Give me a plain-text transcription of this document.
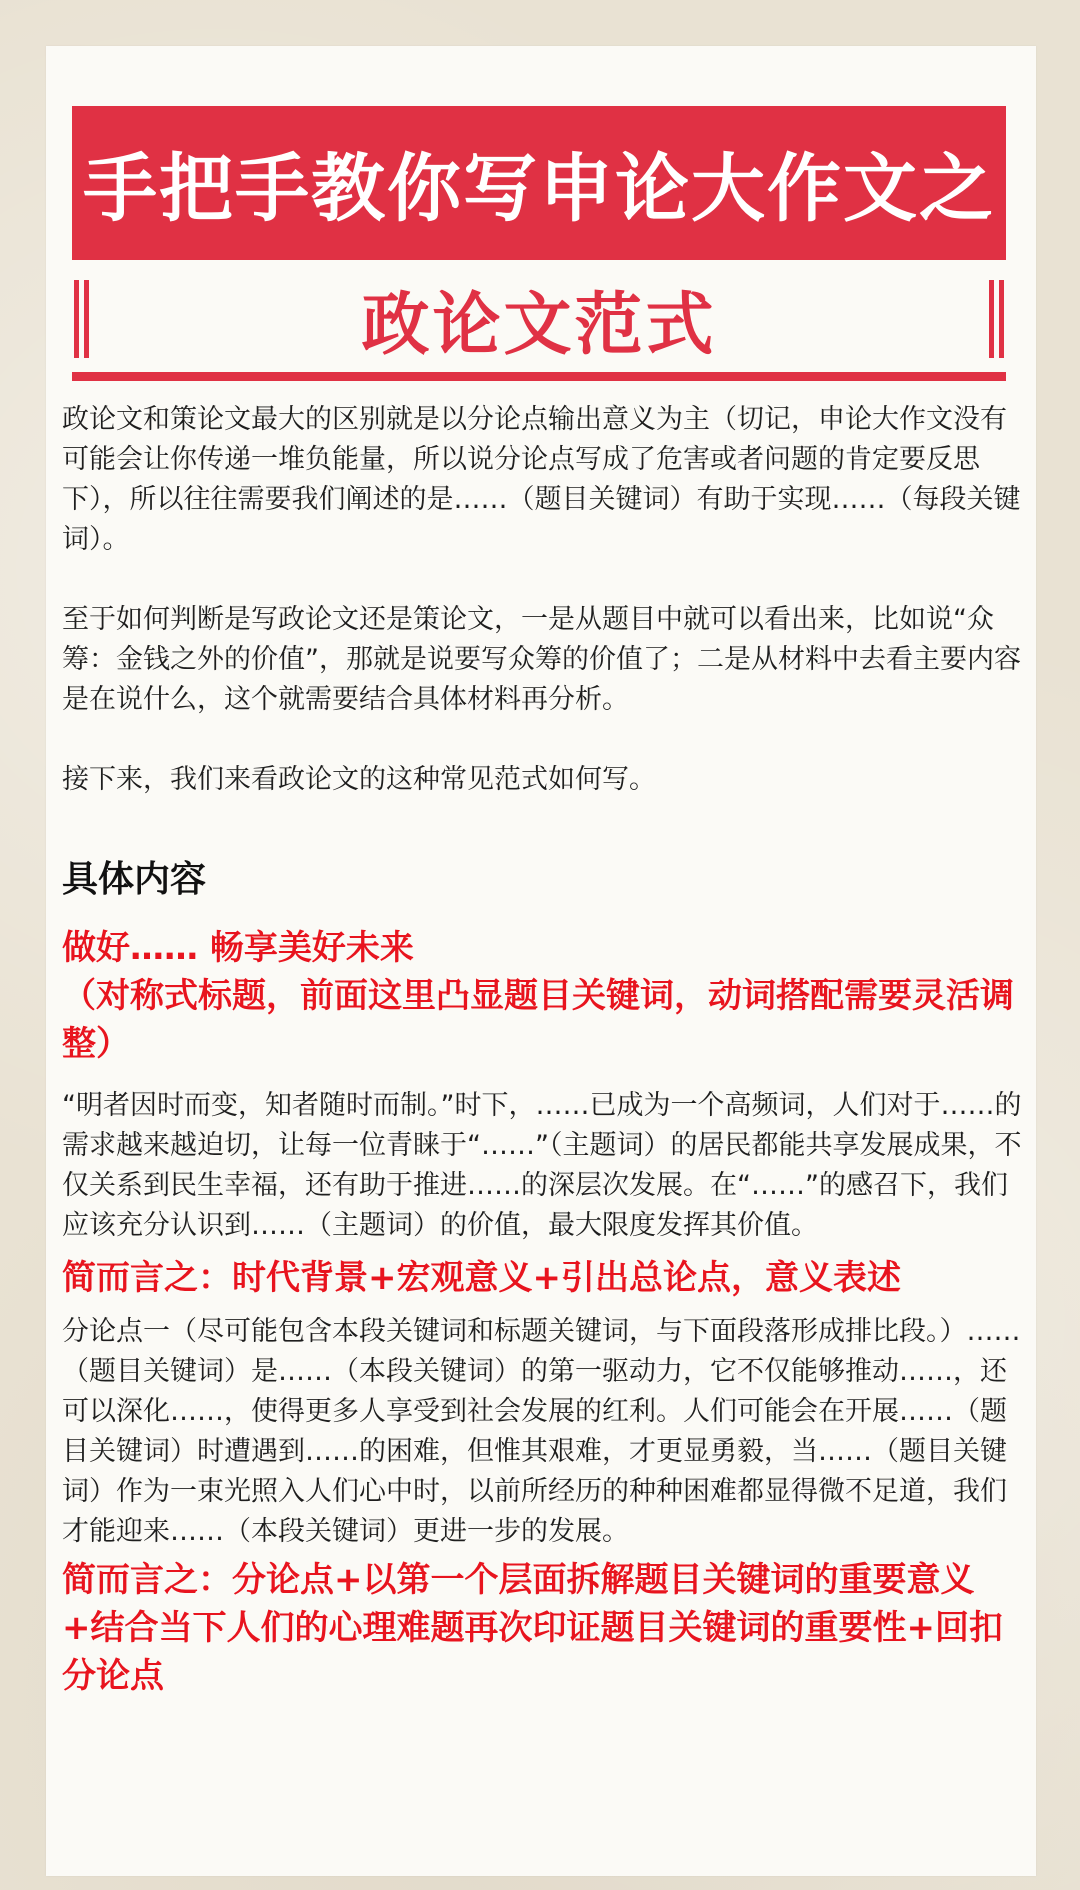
手把手教你写申论大作文之
政论文范式

政论文和策论文最大的区别就是以分论点输出意义为主（切记，申论大作文没有可能会让你传递一堆负能量，所以说分论点写成了危害或者问题的肯定要反思下），所以往往需要我们阐述的是……（题目关键词）有助于实现……（每段关键词）。

至于如何判断是写政论文还是策论文，一是从题目中就可以看出来，比如说“众筹：金钱之外的价值”，那就是说要写众筹的价值了；二是从材料中去看主要内容是在说什么，这个就需要结合具体材料再分析。

接下来，我们来看政论文的这种常见范式如何写。

具体内容

做好…… 畅享美好未来

（对称式标题，前面这里凸显题目关键词，动词搭配需要灵活调整）

“明者因时而变，知者随时而制。”时下，……已成为一个高频词，人们对于……的需求越来越迫切，让每一位青睐于“……”（主题词）的居民都能共享发展成果，不仅关系到民生幸福，还有助于推进……的深层次发展。在“……”的感召下，我们应该充分认识到……（主题词）的价值，最大限度发挥其价值。

简而言之：时代背景+宏观意义+引出总论点，意义表述

分论点一（尽可能包含本段关键词和标题关键词，与下面段落形成排比段。）……（题目关键词）是……（本段关键词）的第一驱动力，它不仅能够推动……，还可以深化……，使得更多人享受到社会发展的红利。人们可能会在开展……（题目关键词）时遭遇到……的困难，但惟其艰难，才更显勇毅，当……（题目关键词）作为一束光照入人们心中时，以前所经历的种种困难都显得微不足道，我们才能迎来……（本段关键词）更进一步的发展。

简而言之：分论点+以第一个层面拆解题目关键词的重要意义+结合当下人们的心理难题再次印证题目关键词的重要性+回扣分论点
